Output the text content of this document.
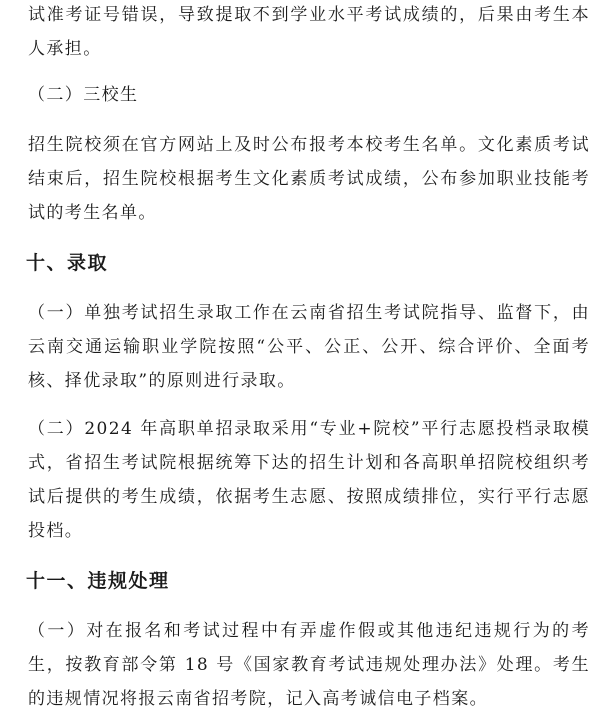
试准考证号错误，导致提取不到学业水平考试成绩的，后果由考生本人承担。

（二）三校生

招生院校须在官方网站上及时公布报考本校考生名单。文化素质考试结束后，招生院校根据考生文化素质考试成绩，公布参加职业技能考试的考生名单。

十、录取

（一）单独考试招生录取工作在云南省招生考试院指导、监督下，由云南交通运输职业学院按照“公平、公正、公开、综合评价、全面考核、择优录取”的原则进行录取。

（二）2024 年高职单招录取采用“专业+院校”平行志愿投档录取模式，省招生考试院根据统筹下达的招生计划和各高职单招院校组织考试后提供的考生成绩，依据考生志愿、按照成绩排位，实行平行志愿投档。

十一、违规处理

（一）对在报名和考试过程中有弄虚作假或其他违纪违规行为的考生，按教育部令第 18 号《国家教育考试违规处理办法》处理。考生的违规情况将报云南省招考院，记入高考诚信电子档案。
